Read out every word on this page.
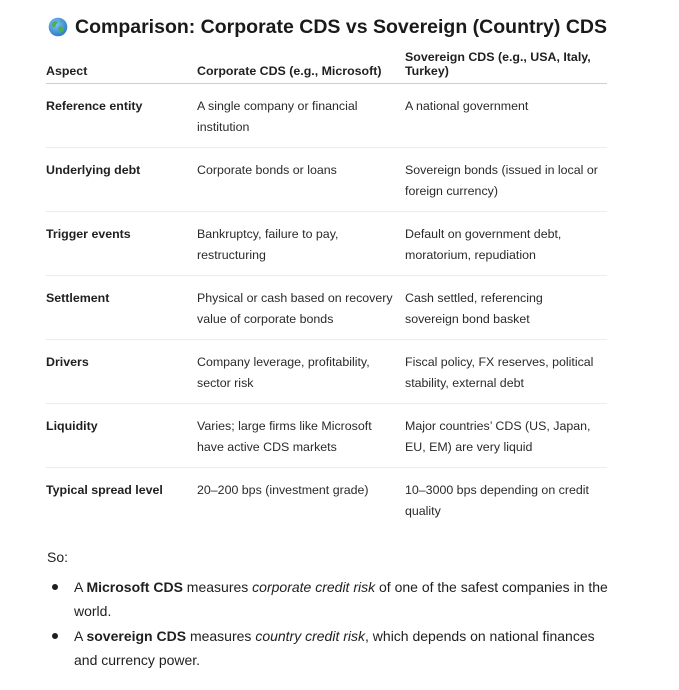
Comparison: Corporate CDS vs Sovereign (Country) CDS
Aspect	Corporate CDS (e.g., Microsoft)	Sovereign CDS (e.g., USA, Italy, Turkey)
Reference entity	A single company or financial institution	A national government
Underlying debt	Corporate bonds or loans	Sovereign bonds (issued in local or foreign currency)
Trigger events	Bankruptcy, failure to pay, restructuring	Default on government debt, moratorium, repudiation
Settlement	Physical or cash based on recovery value of corporate bonds	Cash settled, referencing sovereign bond basket
Drivers	Company leverage, profitability, sector risk	Fiscal policy, FX reserves, political stability, external debt
Liquidity	Varies; large firms like Microsoft have active CDS markets	Major countries’ CDS (US, Japan, EU, EM) are very liquid
Typical spread level	20–200 bps (investment grade)	10–3000 bps depending on credit quality
So:
A Microsoft CDS measures corporate credit risk of one of the safest companies in the world.
A sovereign CDS measures country credit risk, which depends on national finances and currency power.
